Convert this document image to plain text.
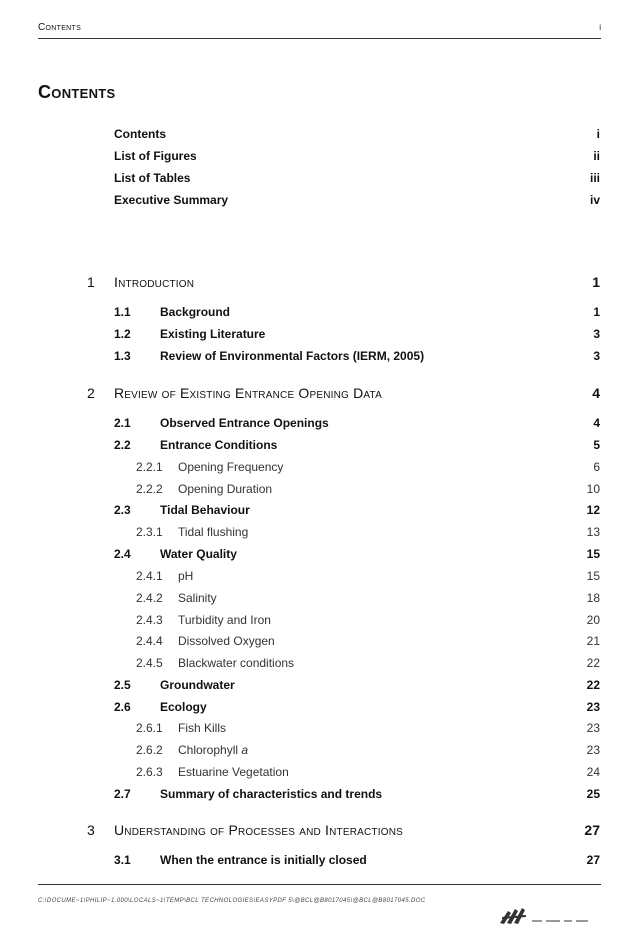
Contents	i
Contents
Contents	i
List of Figures	ii
List of Tables	iii
Executive Summary	iv
1 Introduction	1
1.1 Background	1
1.2 Existing Literature	3
1.3 Review of Environmental Factors (IERM, 2005)	3
2 Review of Existing Entrance Opening Data	4
2.1 Observed Entrance Openings	4
2.2 Entrance Conditions	5
2.2.1 Opening Frequency	6
2.2.2 Opening Duration	10
2.3 Tidal Behaviour	12
2.3.1 Tidal flushing	13
2.4 Water Quality	15
2.4.1 pH	15
2.4.2 Salinity	18
2.4.3 Turbidity and Iron	20
2.4.4 Dissolved Oxygen	21
2.4.5 Blackwater conditions	22
2.5 Groundwater	22
2.6 Ecology	23
2.6.1 Fish Kills	23
2.6.2 Chlorophyll a	23
2.6.3 Estuarine Vegetation	24
2.7 Summary of characteristics and trends	25
3 Understanding of Processes and Interactions	27
3.1 When the entrance is initially closed	27
C:\DOCUME~1\PHILIP~1.000\LOCALS~1\TEMP\BCL TECHNOLOGIES\EASYPDF 5\@BCL@B8017045\@BCL@B8017045.DOC
